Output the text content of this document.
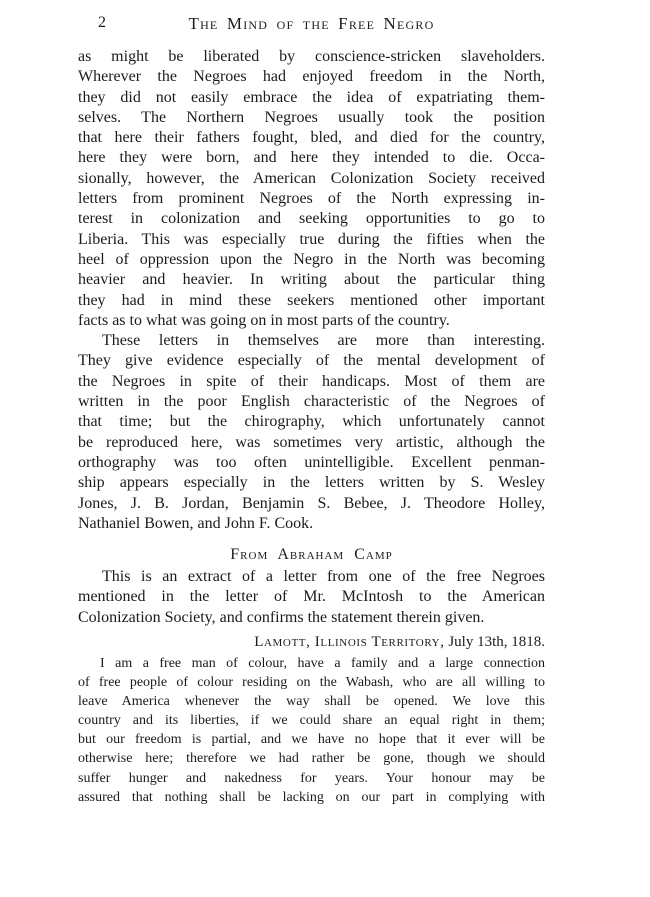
2	The Mind of the Free Negro
as might be liberated by conscience-stricken slaveholders.
Wherever the Negroes had enjoyed freedom in the North,
they did not easily embrace the idea of expatriating them-
selves. The Northern Negroes usually took the position
that here their fathers fought, bled, and died for the country,
here they were born, and here they intended to die. Occa-
sionally, however, the American Colonization Society received
letters from prominent Negroes of the North expressing in-
terest in colonization and seeking opportunities to go to
Liberia. This was especially true during the fifties when the
heel of oppression upon the Negro in the North was becoming
heavier and heavier. In writing about the particular thing
they had in mind these seekers mentioned other important
facts as to what was going on in most parts of the country.
These letters in themselves are more than interesting.
They give evidence especially of the mental development of
the Negroes in spite of their handicaps. Most of them are
written in the poor English characteristic of the Negroes of
that time; but the chirography, which unfortunately cannot
be reproduced here, was sometimes very artistic, although the
orthography was too often unintelligible. Excellent penman-
ship appears especially in the letters written by S. Wesley
Jones, J. B. Jordan, Benjamin S. Bebee, J. Theodore Holley,
Nathaniel Bowen, and John F. Cook.
From Abraham Camp
This is an extract of a letter from one of the free Negroes
mentioned in the letter of Mr. McIntosh to the American
Colonization Society, and confirms the statement therein given.
Lamott, Illinois Territory, July 13th, 1818.
I am a free man of colour, have a family and a large connection
of free people of colour residing on the Wabash, who are all willing to
leave America whenever the way shall be opened. We love this
country and its liberties, if we could share an equal right in them;
but our freedom is partial, and we have no hope that it ever will be
otherwise here; therefore we had rather be gone, though we should
suffer hunger and nakedness for years. Your honour may be
assured that nothing shall be lacking on our part in complying with
